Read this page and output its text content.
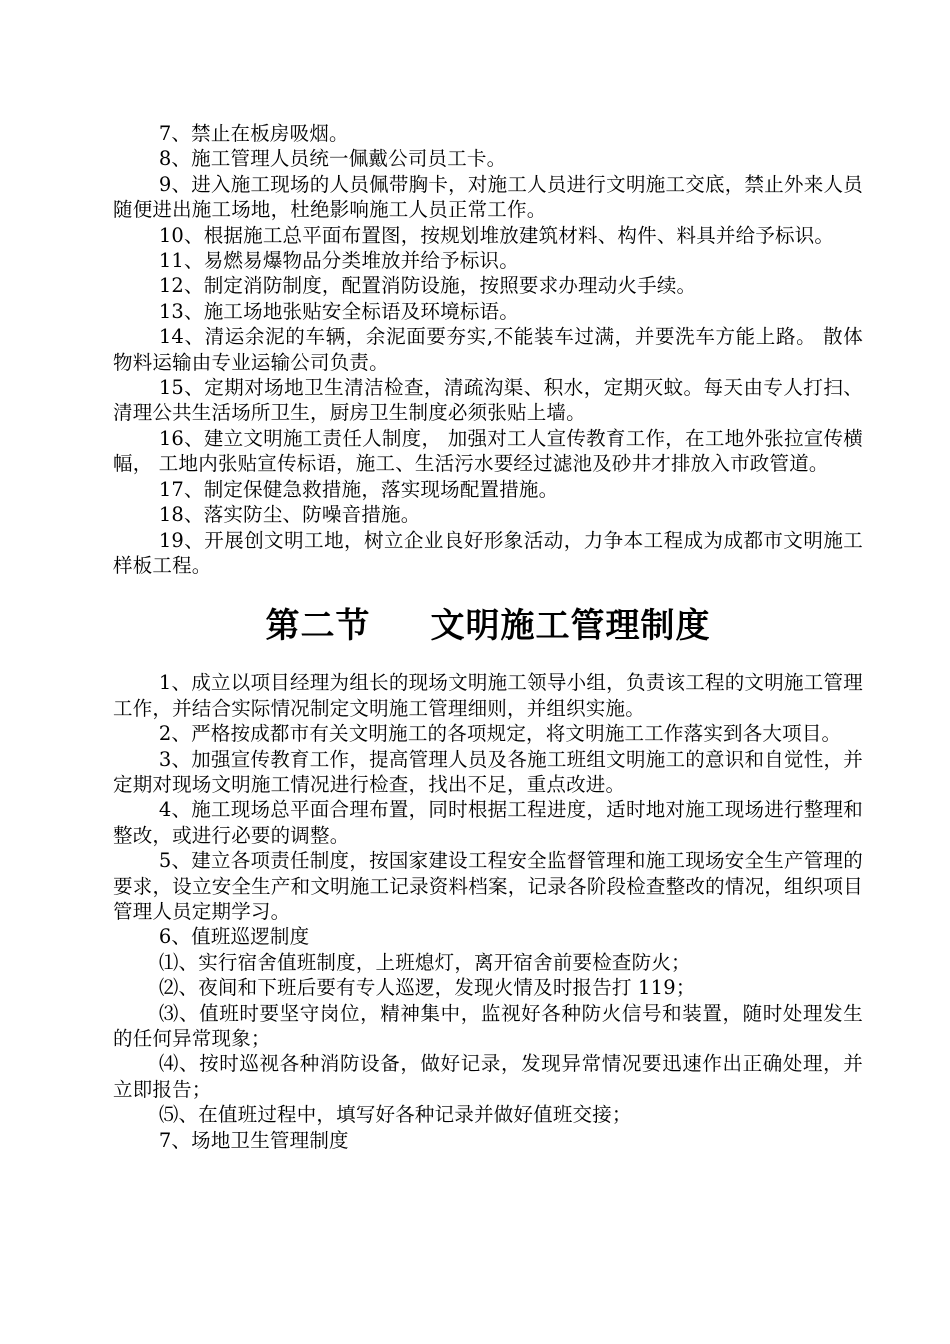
7、禁止在板房吸烟。

8、施工管理人员统一佩戴公司员工卡。

9、进入施工现场的人员佩带胸卡，对施工人员进行文明施工交底，禁止外来人员随便进出施工场地，杜绝影响施工人员正常工作。

10、根据施工总平面布置图，按规划堆放建筑材料、构件、料具并给予标识。

11、易燃易爆物品分类堆放并给予标识。

12、制定消防制度，配置消防设施，按照要求办理动火手续。

13、施工场地张贴安全标语及环境标语。

14、清运余泥的车辆，余泥面要夯实,不能装车过满，并要洗车方能上路。 散体物料运输由专业运输公司负责。

15、定期对场地卫生清洁检查，清疏沟渠、积水，定期灭蚊。每天由专人打扫、 清理公共生活场所卫生，厨房卫生制度必须张贴上墙。

16、建立文明施工责任人制度， 加强对工人宣传教育工作，在工地外张拉宣传横幅， 工地内张贴宣传标语，施工、生活污水要经过滤池及砂井才排放入市政管道。

17、制定保健急救措施，落实现场配置措施。

18、落实防尘、防噪音措施。

19、开展创文明工地，树立企业良好形象活动，力争本工程成为成都市文明施工样板工程。

第二节 文明施工管理制度

1、成立以项目经理为组长的现场文明施工领导小组，负责该工程的文明施工管理工作，并结合实际情况制定文明施工管理细则，并组织实施。

2、严格按成都市有关文明施工的各项规定，将文明施工工作落实到各大项目。

3、加强宣传教育工作，提高管理人员及各施工班组文明施工的意识和自觉性，并定期对现场文明施工情况进行检查，找出不足，重点改进。

4、施工现场总平面合理布置，同时根据工程进度，适时地对施工现场进行整理和整改，或进行必要的调整。

5、建立各项责任制度，按国家建设工程安全监督管理和施工现场安全生产管理的要求，设立安全生产和文明施工记录资料档案，记录各阶段检查整改的情况，组织项目管理人员定期学习。

6、值班巡逻制度

⑴、实行宿舍值班制度，上班熄灯，离开宿舍前要检查防火；

⑵、夜间和下班后要有专人巡逻，发现火情及时报告打 119；

⑶、值班时要坚守岗位，精神集中，监视好各种防火信号和装置，随时处理发生的任何异常现象；

⑷、按时巡视各种消防设备，做好记录，发现异常情况要迅速作出正确处理，并立即报告；

⑸、在值班过程中，填写好各种记录并做好值班交接；

7、场地卫生管理制度
